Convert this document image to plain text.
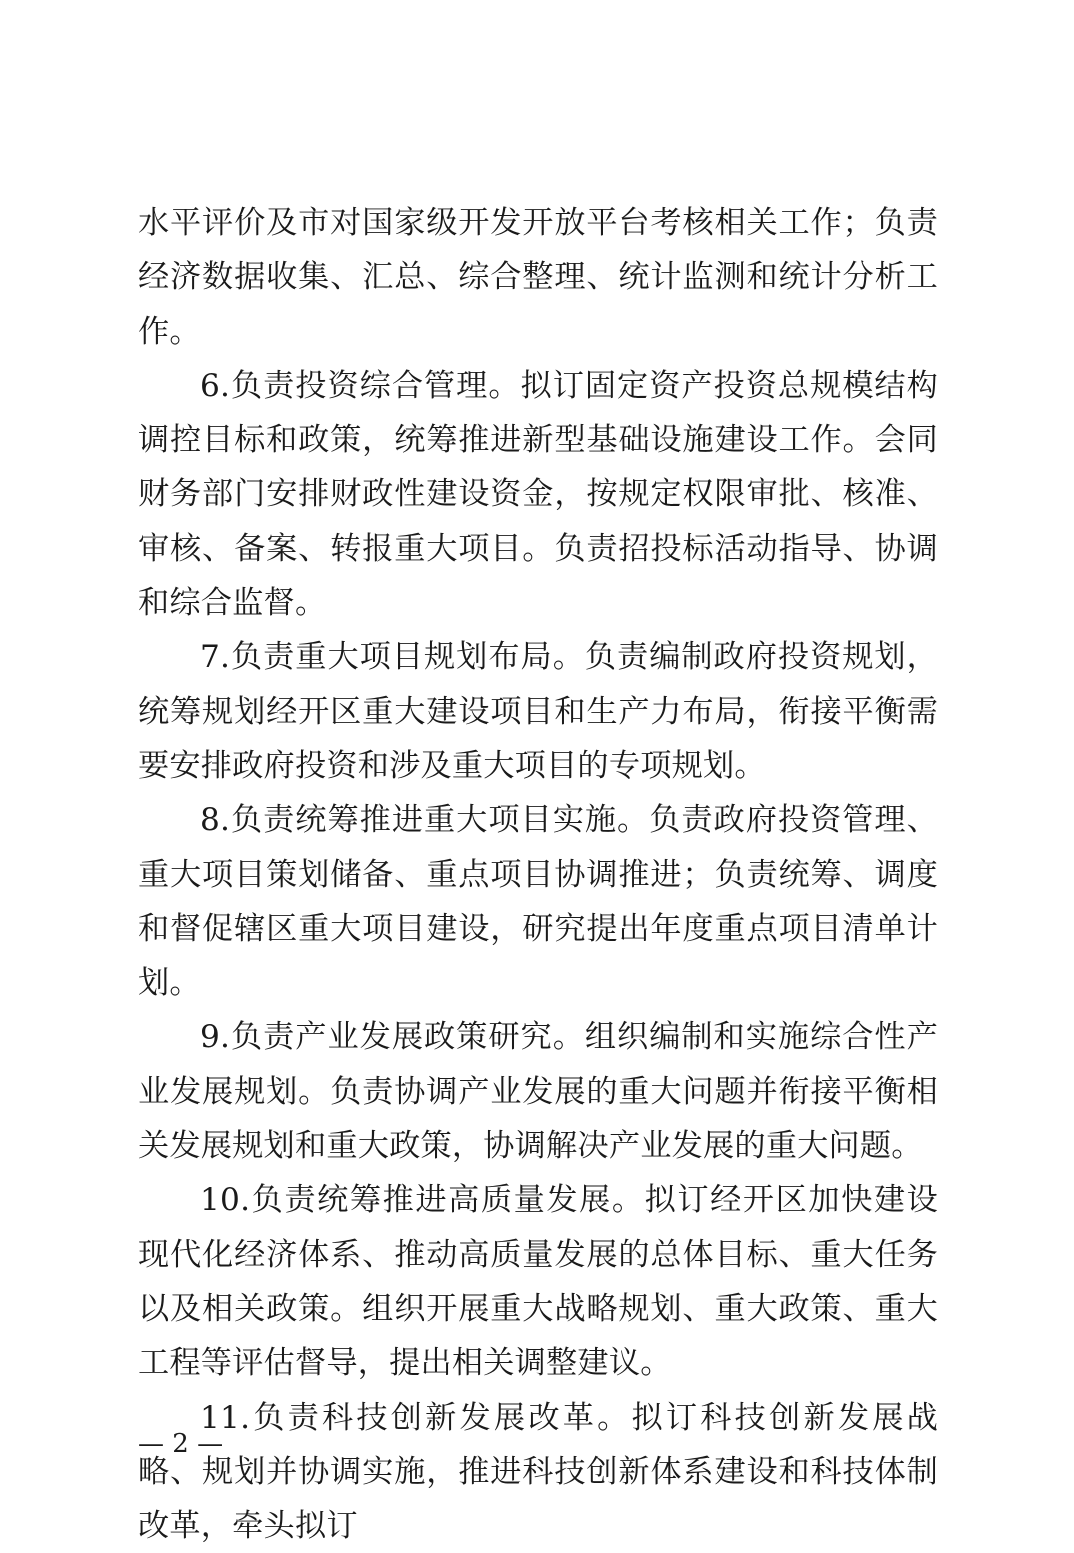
水平评价及市对国家级开发开放平台考核相关工作；负责经济数据收集、汇总、综合整理、统计监测和统计分析工作。

6.负责投资综合管理。拟订固定资产投资总规模结构调控目标和政策，统筹推进新型基础设施建设工作。会同财务部门安排财政性建设资金，按规定权限审批、核准、审核、备案、转报重大项目。负责招投标活动指导、协调和综合监督。

7.负责重大项目规划布局。负责编制政府投资规划，统筹规划经开区重大建设项目和生产力布局，衔接平衡需要安排政府投资和涉及重大项目的专项规划。

8.负责统筹推进重大项目实施。负责政府投资管理、重大项目策划储备、重点项目协调推进；负责统筹、调度和督促辖区重大项目建设，研究提出年度重点项目清单计划。

9.负责产业发展政策研究。组织编制和实施综合性产业发展规划。负责协调产业发展的重大问题并衔接平衡相关发展规划和重大政策，协调解决产业发展的重大问题。

10.负责统筹推进高质量发展。拟订经开区加快建设现代化经济体系、推动高质量发展的总体目标、重大任务以及相关政策。组织开展重大战略规划、重大政策、重大工程等评估督导，提出相关调整建议。

11.负责科技创新发展改革。拟订科技创新发展战略、规划并协调实施，推进科技创新体系建设和科技体制改革，牵头拟订

— 2 —
